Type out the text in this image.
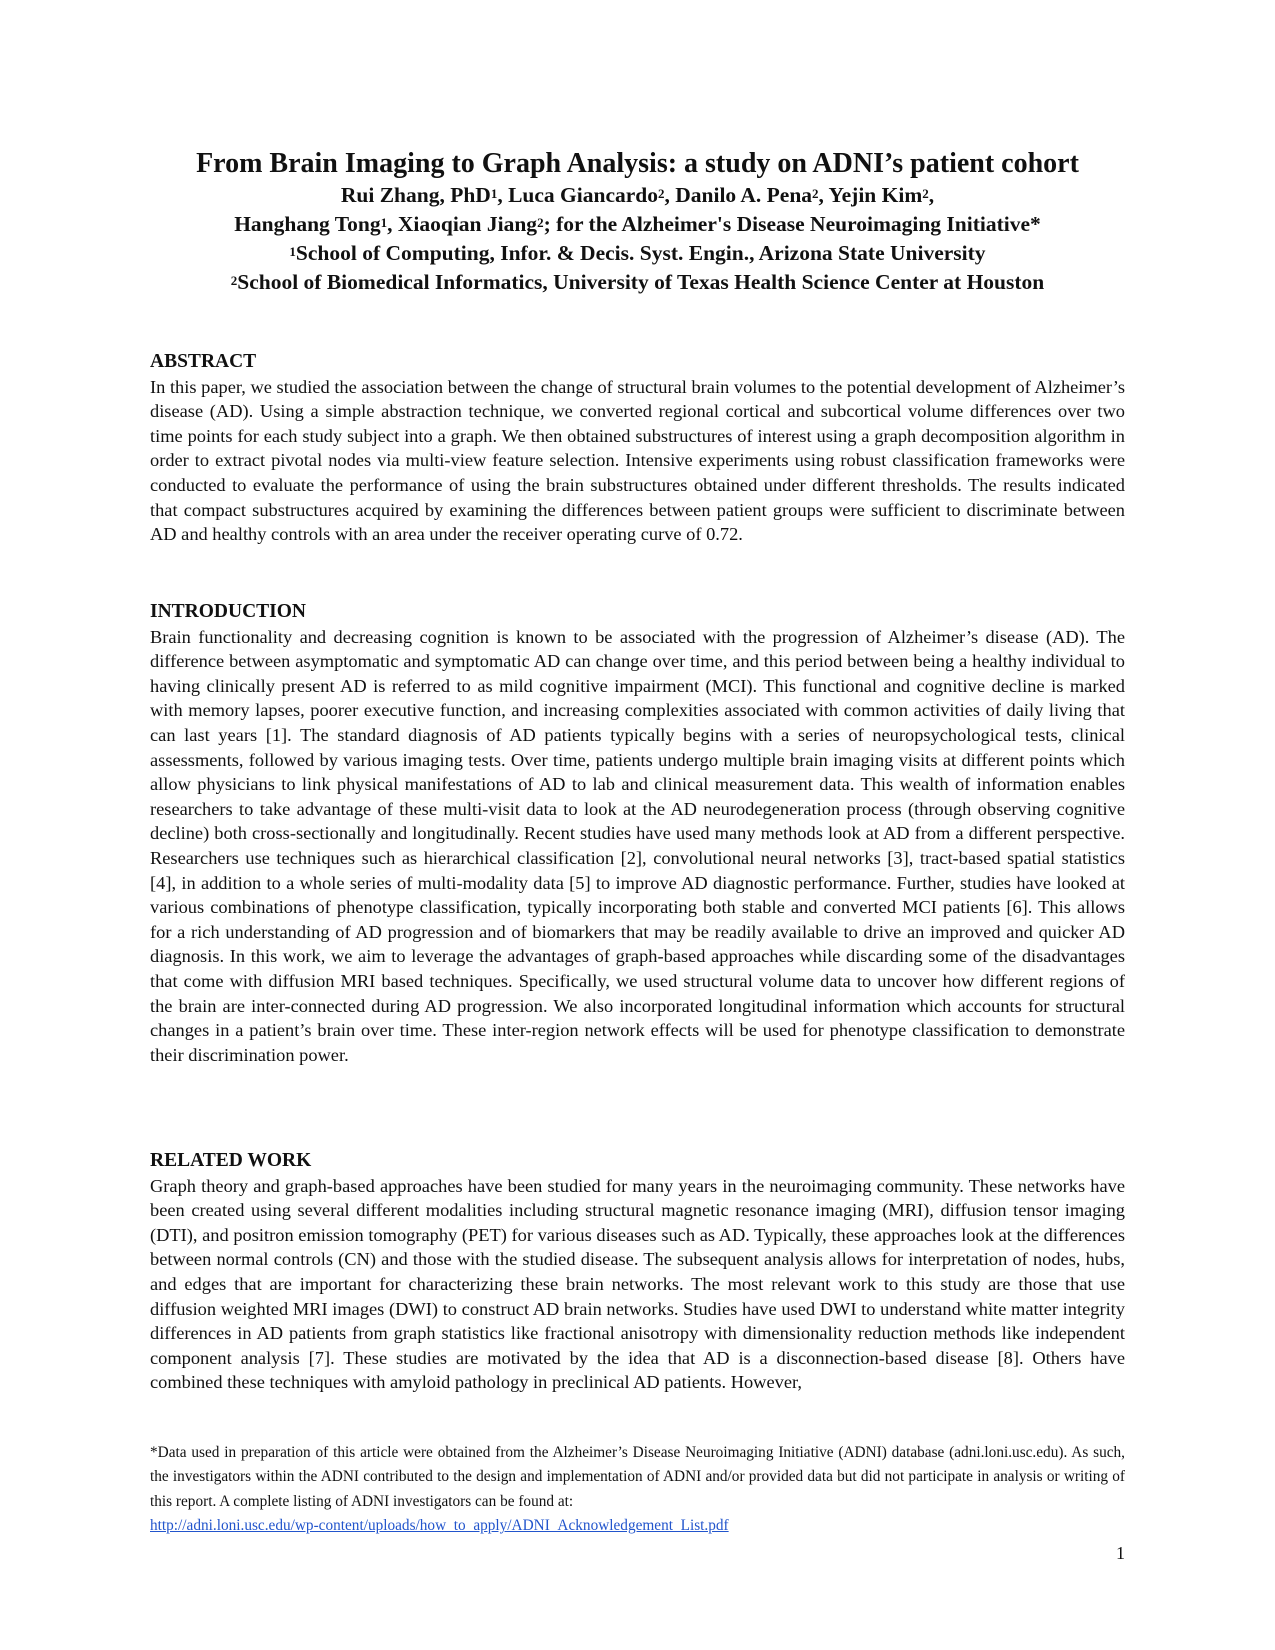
From Brain Imaging to Graph Analysis: a study on ADNI’s patient cohort

Rui Zhang, PhD$^1$, Luca Giancardo$^2$, Danilo A. Pena$^2$, Yejin Kim$^2$,

Hanghang Tong$^1$, Xiaoqian Jiang$^2$; for the Alzheimer's Disease Neuroimaging Initiative*

$^1$School of Computing, Infor. & Decis. Syst. Engin., Arizona State University

$^2$School of Biomedical Informatics, University of Texas Health Science Center at Houston

ABSTRACT

In this paper, we studied the association between the change of structural brain volumes to the potential development of Alzheimer’s disease (AD). Using a simple abstraction technique, we converted regional cortical and subcortical volume differences over two time points for each study subject into a graph. We then obtained substructures of interest using a graph decomposition algorithm in order to extract pivotal nodes via multi-view feature selection. Intensive experiments using robust classification frameworks were conducted to evaluate the performance of using the brain substructures obtained under different thresholds. The results indicated that compact substructures acquired by examining the differences between patient groups were sufficient to discriminate between AD and healthy controls with an area under the receiver operating curve of 0.72.

INTRODUCTION

Brain functionality and decreasing cognition is known to be associated with the progression of Alzheimer’s disease (AD). The difference between asymptomatic and symptomatic AD can change over time, and this period between being a healthy individual to having clinically present AD is referred to as mild cognitive impairment (MCI). This functional and cognitive decline is marked with memory lapses, poorer executive function, and increasing complexities associated with common activities of daily living that can last years [1]. The standard diagnosis of AD patients typically begins with a series of neuropsychological tests, clinical assessments, followed by various imaging tests. Over time, patients undergo multiple brain imaging visits at different points which allow physicians to link physical manifestations of AD to lab and clinical measurement data. This wealth of information enables researchers to take advantage of these multi-visit data to look at the AD neurodegeneration process (through observing cognitive decline) both cross-sectionally and longitudinally. Recent studies have used many methods look at AD from a different perspective. Researchers use techniques such as hierarchical classification [2], convolutional neural networks [3], tract-based spatial statistics [4], in addition to a whole series of multi-modality data [5] to improve AD diagnostic performance. Further, studies have looked at various combinations of phenotype classification, typically incorporating both stable and converted MCI patients [6]. This allows for a rich understanding of AD progression and of biomarkers that may be readily available to drive an improved and quicker AD diagnosis. In this work, we aim to leverage the advantages of graph-based approaches while discarding some of the disadvantages that come with diffusion MRI based techniques. Specifically, we used structural volume data to uncover how different regions of the brain are inter-connected during AD progression. We also incorporated longitudinal information which accounts for structural changes in a patient’s brain over time. These inter-region network effects will be used for phenotype classification to demonstrate their discrimination power.

RELATED WORK

Graph theory and graph-based approaches have been studied for many years in the neuroimaging community. These networks have been created using several different modalities including structural magnetic resonance imaging (MRI), diffusion tensor imaging (DTI), and positron emission tomography (PET) for various diseases such as AD. Typically, these approaches look at the differences between normal controls (CN) and those with the studied disease. The subsequent analysis allows for interpretation of nodes, hubs, and edges that are important for characterizing these brain networks. The most relevant work to this study are those that use diffusion weighted MRI images (DWI) to construct AD brain networks. Studies have used DWI to understand white matter integrity differences in AD patients from graph statistics like fractional anisotropy with dimensionality reduction methods like independent component analysis [7]. These studies are motivated by the idea that AD is a disconnection-based disease [8]. Others have combined these techniques with amyloid pathology in preclinical AD patients. However,

*Data used in preparation of this article were obtained from the Alzheimer’s Disease Neuroimaging Initiative (ADNI) database (adni.loni.usc.edu). As such, the investigators within the ADNI contributed to the design and implementation of ADNI and/or provided data but did not participate in analysis or writing of this report. A complete listing of ADNI investigators can be found at:
http://adni.loni.usc.edu/wp-content/uploads/how_to_apply/ADNI_Acknowledgement_List.pdf
1
